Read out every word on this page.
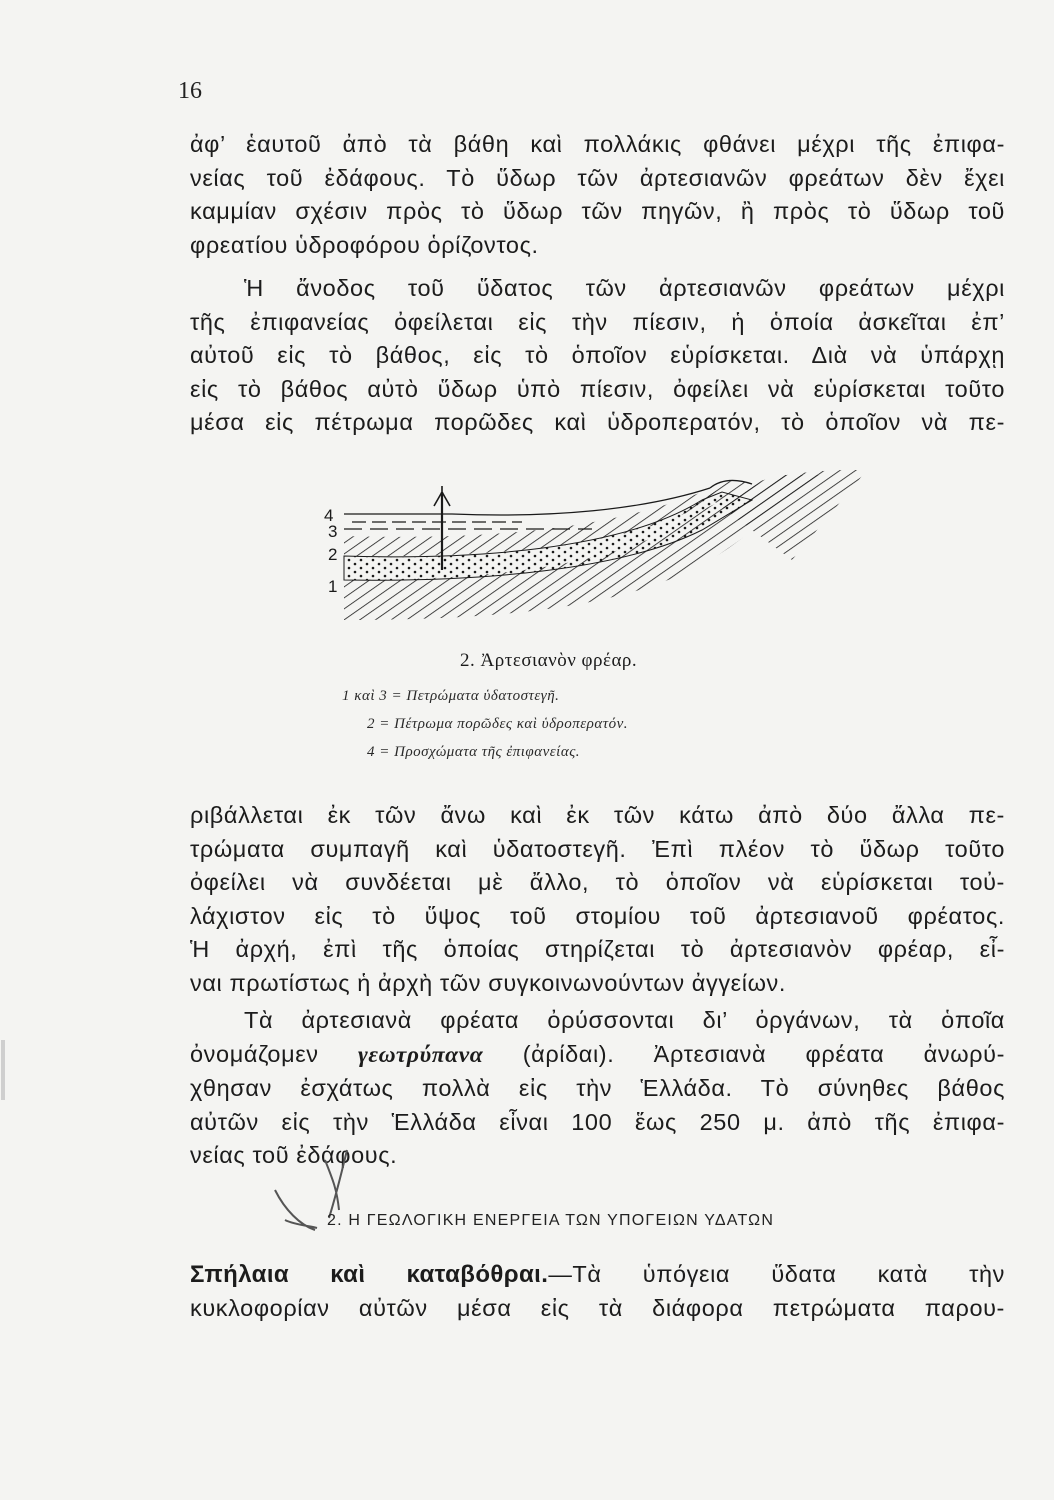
16
ἀφ’ ἑαυτοῦ ἀπὸ τὰ βάθη καὶ πολλάκις φθάνει μέχρι τῆς ἐπιφα-
νείας τοῦ ἐδάφους. Τὸ ὕδωρ τῶν ἀρτεσιανῶν φρεάτων δὲν ἔχει
καμμίαν σχέσιν πρὸς τὸ ὕδωρ τῶν πηγῶν, ἢ πρὸς τὸ ὕδωρ τοῦ
φρεατίου ὑδροφόρου ὁρίζοντος.
Ἡ ἄνοδος τοῦ ὕδατος τῶν ἀρτεσιανῶν φρεάτων μέχρι
τῆς ἐπιφανείας ὀφείλεται εἰς τὴν πίεσιν, ἡ ὁποία ἀσκεῖται ἐπ’
αὐτοῦ εἰς τὸ βάθος, εἰς τὸ ὁποῖον εὑρίσκεται. Διὰ νὰ ὑπάρχῃ
εἰς τὸ βάθος αὐτὸ ὕδωρ ὑπὸ πίεσιν, ὀφείλει νὰ εὑρίσκεται τοῦτο
μέσα εἰς πέτρωμα πορῶδες καὶ ὑδροπερατόν, τὸ ὁποῖον νὰ πε-
4
3
2
1
2. Ἀρτεσιανὸν φρέαρ.
1 καὶ 3 = Πετρώματα ὑδατοστεγῆ.
2 = Πέτρωμα πορῶδες καὶ ὑδροπερατόν.
4 = Προσχώματα τῆς ἐπιφανείας.
ριβάλλεται ἐκ τῶν ἄνω καὶ ἐκ τῶν κάτω ἀπὸ δύο ἄλλα πε-
τρώματα συμπαγῆ καὶ ὑδατοστεγῆ. Ἐπὶ πλέον τὸ ὕδωρ τοῦτο
ὀφείλει νὰ συνδέεται μὲ ἄλλο, τὸ ὁποῖον νὰ εὑρίσκεται τοὐ-
λάχιστον εἰς τὸ ὕψος τοῦ στομίου τοῦ ἀρτεσιανοῦ φρέατος.
Ἡ ἀρχή, ἐπὶ τῆς ὁποίας στηρίζεται τὸ ἀρτεσιανὸν φρέαρ, εἶ-
ναι πρωτίστως ἡ ἀρχὴ τῶν συγκοινωνούντων ἀγγείων.
Τὰ ἀρτεσιανὰ φρέατα ὀρύσσονται δι’ ὀργάνων, τὰ ὁποῖα
ὀνομάζομεν γεωτρύπανα (ἀρίδαι). Ἀρτεσιανὰ φρέατα ἀνωρύ-
χθησαν ἐσχάτως πολλὰ εἰς τὴν Ἑλλάδα. Τὸ σύνηθες βάθος
αὐτῶν εἰς τὴν Ἑλλάδα εἶναι 100 ἕως 250 μ. ἀπὸ τῆς ἐπιφα-
νείας τοῦ ἐδάφους.
2. Η ΓΕΩΛΟΓΙΚΗ ΕΝΕΡΓΕΙΑ ΤΩΝ ΥΠΟΓΕΙΩΝ ΥΔΑΤΩΝ
Σπήλαια καὶ καταβόθραι.—Τὰ ὑπόγεια ὕδατα κατὰ τὴν
κυκλοφορίαν αὐτῶν μέσα εἰς τὰ διάφορα πετρώματα παρου-
